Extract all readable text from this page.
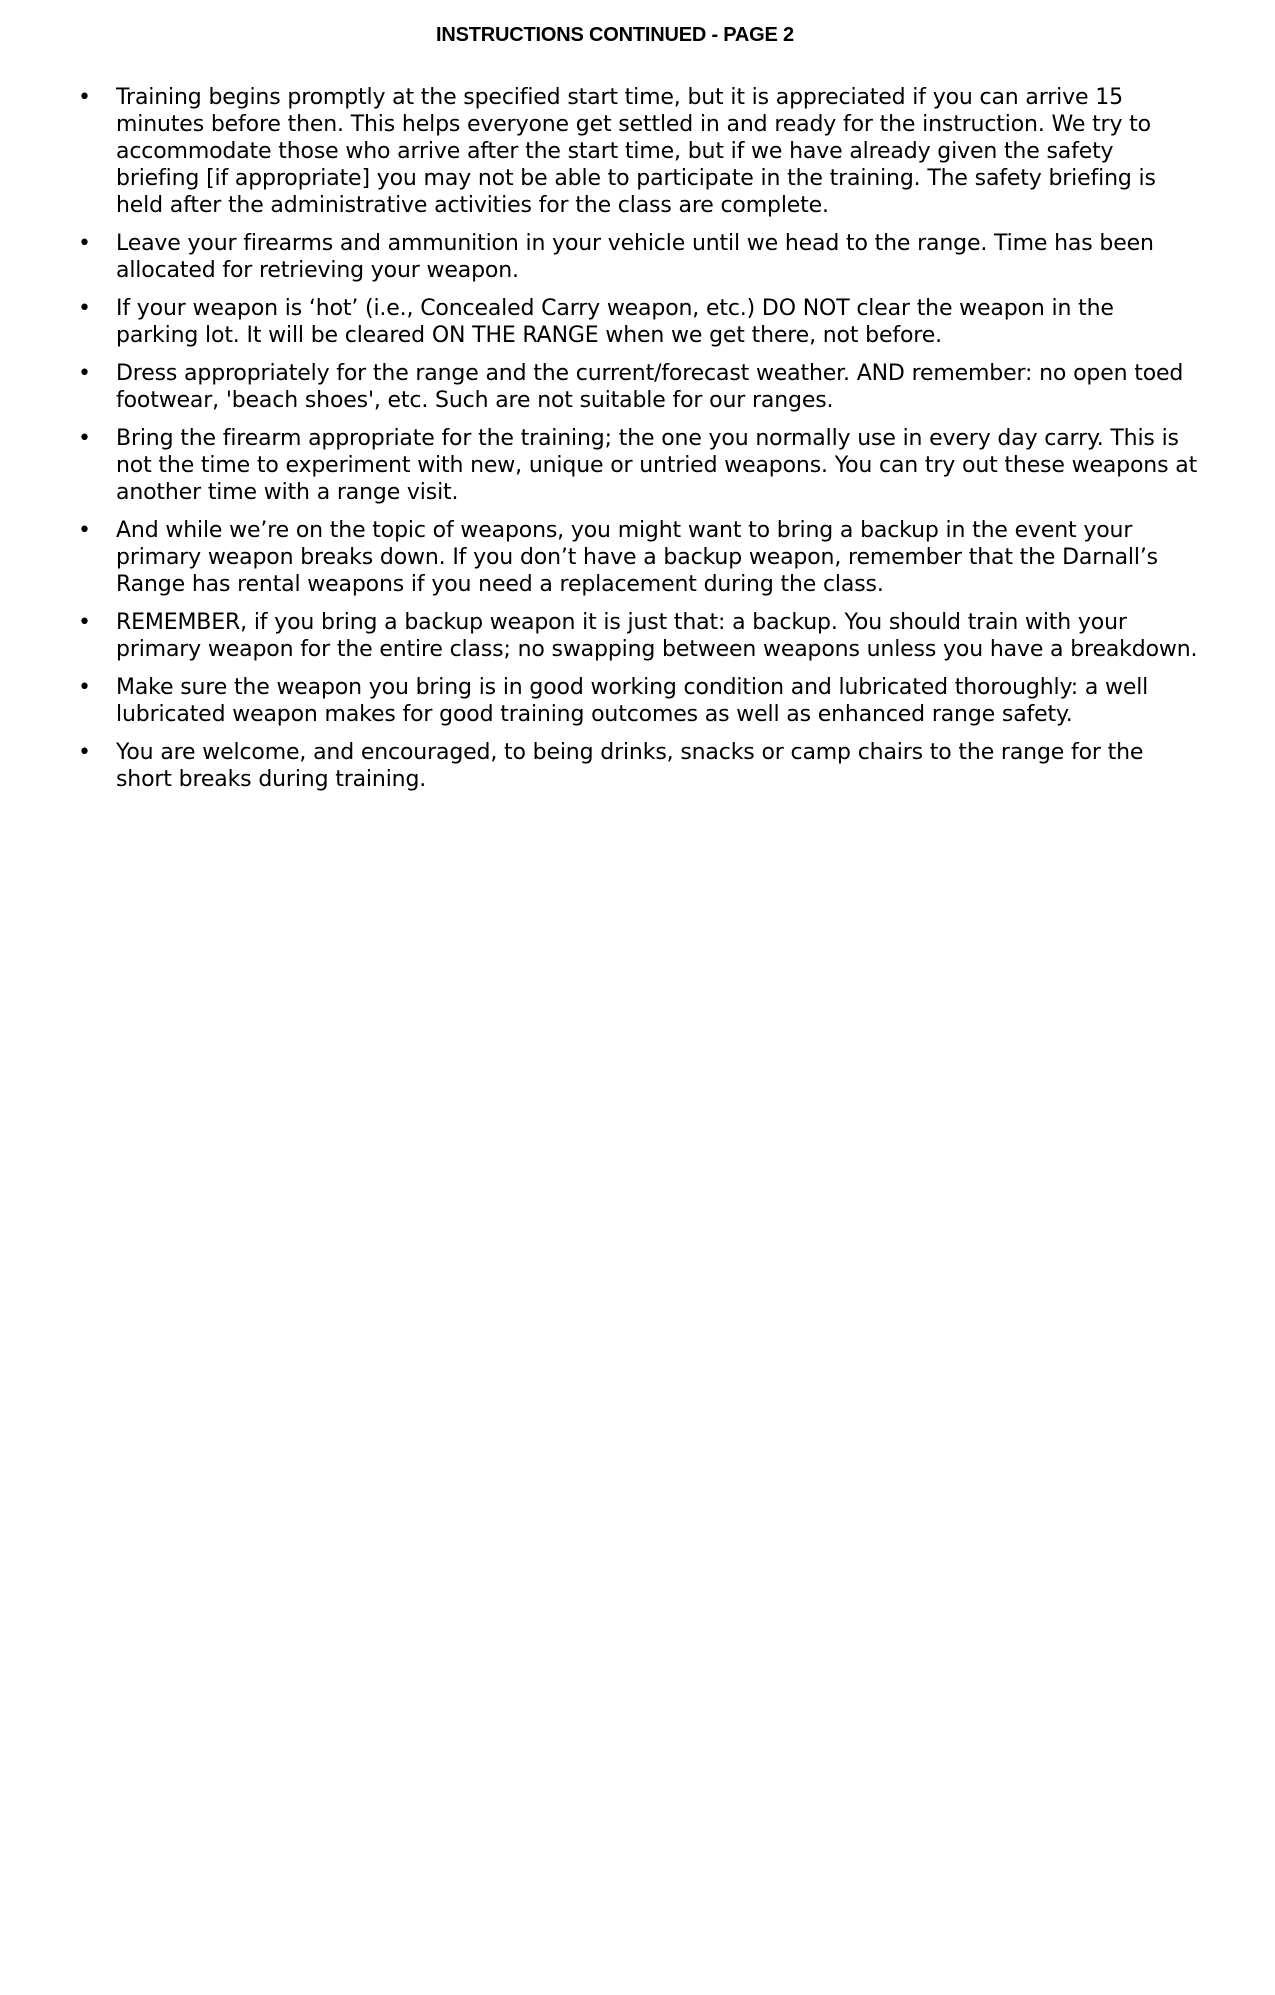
INSTRUCTIONS CONTINUED - PAGE 2
• Training begins promptly at the specified start time, but it is appreciated if you can arrive 15 minutes before then. This helps everyone get settled in and ready for the instruction. We try to accommodate those who arrive after the start time, but if we have already given the safety briefing [if appropriate] you may not be able to participate in the training. The safety briefing is held after the administrative activities for the class are complete.
• Leave your firearms and ammunition in your vehicle until we head to the range. Time has been allocated for retrieving your weapon.
• If your weapon is ‘hot’ (i.e., Concealed Carry weapon, etc.) DO NOT clear the weapon in the parking lot. It will be cleared ON THE RANGE when we get there, not before.
• Dress appropriately for the range and the current/forecast weather. AND remember: no open toed footwear, 'beach shoes', etc. Such are not suitable for our ranges.
• Bring the firearm appropriate for the training; the one you normally use in every day carry. This is not the time to experiment with new, unique or untried weapons. You can try out these weapons at another time with a range visit.
• And while we’re on the topic of weapons, you might want to bring a backup in the event your primary weapon breaks down. If you don’t have a backup weapon, remember that the Darnall’s Range has rental weapons if you need a replacement during the class.
• REMEMBER, if you bring a backup weapon it is just that: a backup. You should train with your primary weapon for the entire class; no swapping between weapons unless you have a breakdown.
• Make sure the weapon you bring is in good working condition and lubricated thoroughly: a well lubricated weapon makes for good training outcomes as well as enhanced range safety.
• You are welcome, and encouraged, to being drinks, snacks or camp chairs to the range for the short breaks during training.
